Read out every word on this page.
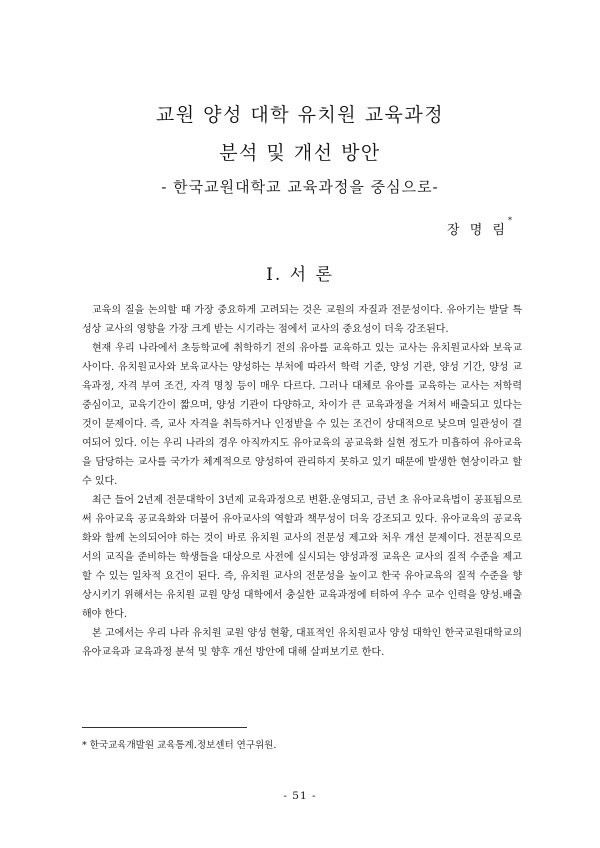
교원 양성 대학 유치원 교육과정
분석 및 개선 방안
- 한국교원대학교 교육과정을 중심으로-
장 명 림*
Ⅰ. 서 론

교육의 질을 논의할 때 가장 중요하게 고려되는 것은 교원의 자질과 전문성이다. 유아기는 발달 특성상 교사의 영향을 가장 크게 받는 시기라는 점에서 교사의 중요성이 더욱 강조된다.

현재 우리 나라에서 초등학교에 취학하기 전의 유아를 교육하고 있는 교사는 유치원교사와 보육교사이다. 유치원교사와 보육교사는 양성하는 부처에 따라서 학력 기준, 양성 기관, 양성 기간, 양성 교육과정, 자격 부여 조건, 자격 명칭 등이 매우 다르다. 그러나 대체로 유아를 교육하는 교사는 저학력 중심이고, 교육기간이 짧으며, 양성 기관이 다양하고, 차이가 큰 교육과정을 거쳐서 배출되고 있다는 것이 문제이다. 즉, 교사 자격을 취득하거나 인정받을 수 있는 조건이 상대적으로 낮으며 일관성이 결여되어 있다. 이는 우리 나라의 경우 아직까지도 유아교육의 공교육화 실현 정도가 미흡하여 유아교육을 담당하는 교사를 국가가 체계적으로 양성하여 관리하지 못하고 있기 때문에 발생한 현상이라고 할 수 있다.

최근 들어 2년제 전문대학이 3년제 교육과정으로 변환․운영되고, 금년 초 유아교육법이 공표됨으로써 유아교육 공교육화와 더불어 유아교사의 역할과 책무성이 더욱 강조되고 있다. 유아교육의 공교육화와 함께 논의되어야 하는 것이 바로 유치원 교사의 전문성 제고와 처우 개선 문제이다. 전문직으로서의 교직을 준비하는 학생들을 대상으로 사전에 실시되는 양성과정 교육은 교사의 질적 수준을 제고할 수 있는 일차적 요건이 된다. 즉, 유치원 교사의 전문성을 높이고 한국 유아교육의 질적 수준을 향상시키기 위해서는 유치원 교원 양성 대학에서 충실한 교육과정에 터하여 우수 교수 인력을 양성․배출해야 한다.

본 고에서는 우리 나라 유치원 교원 양성 현황, 대표적인 유치원교사 양성 대학인 한국교원대학교의 유아교육과 교육과정 분석 및 향후 개선 방안에 대해 살펴보기로 한다.

* 한국교육개발원 교육통계․정보센터 연구위원.
- 51 -
